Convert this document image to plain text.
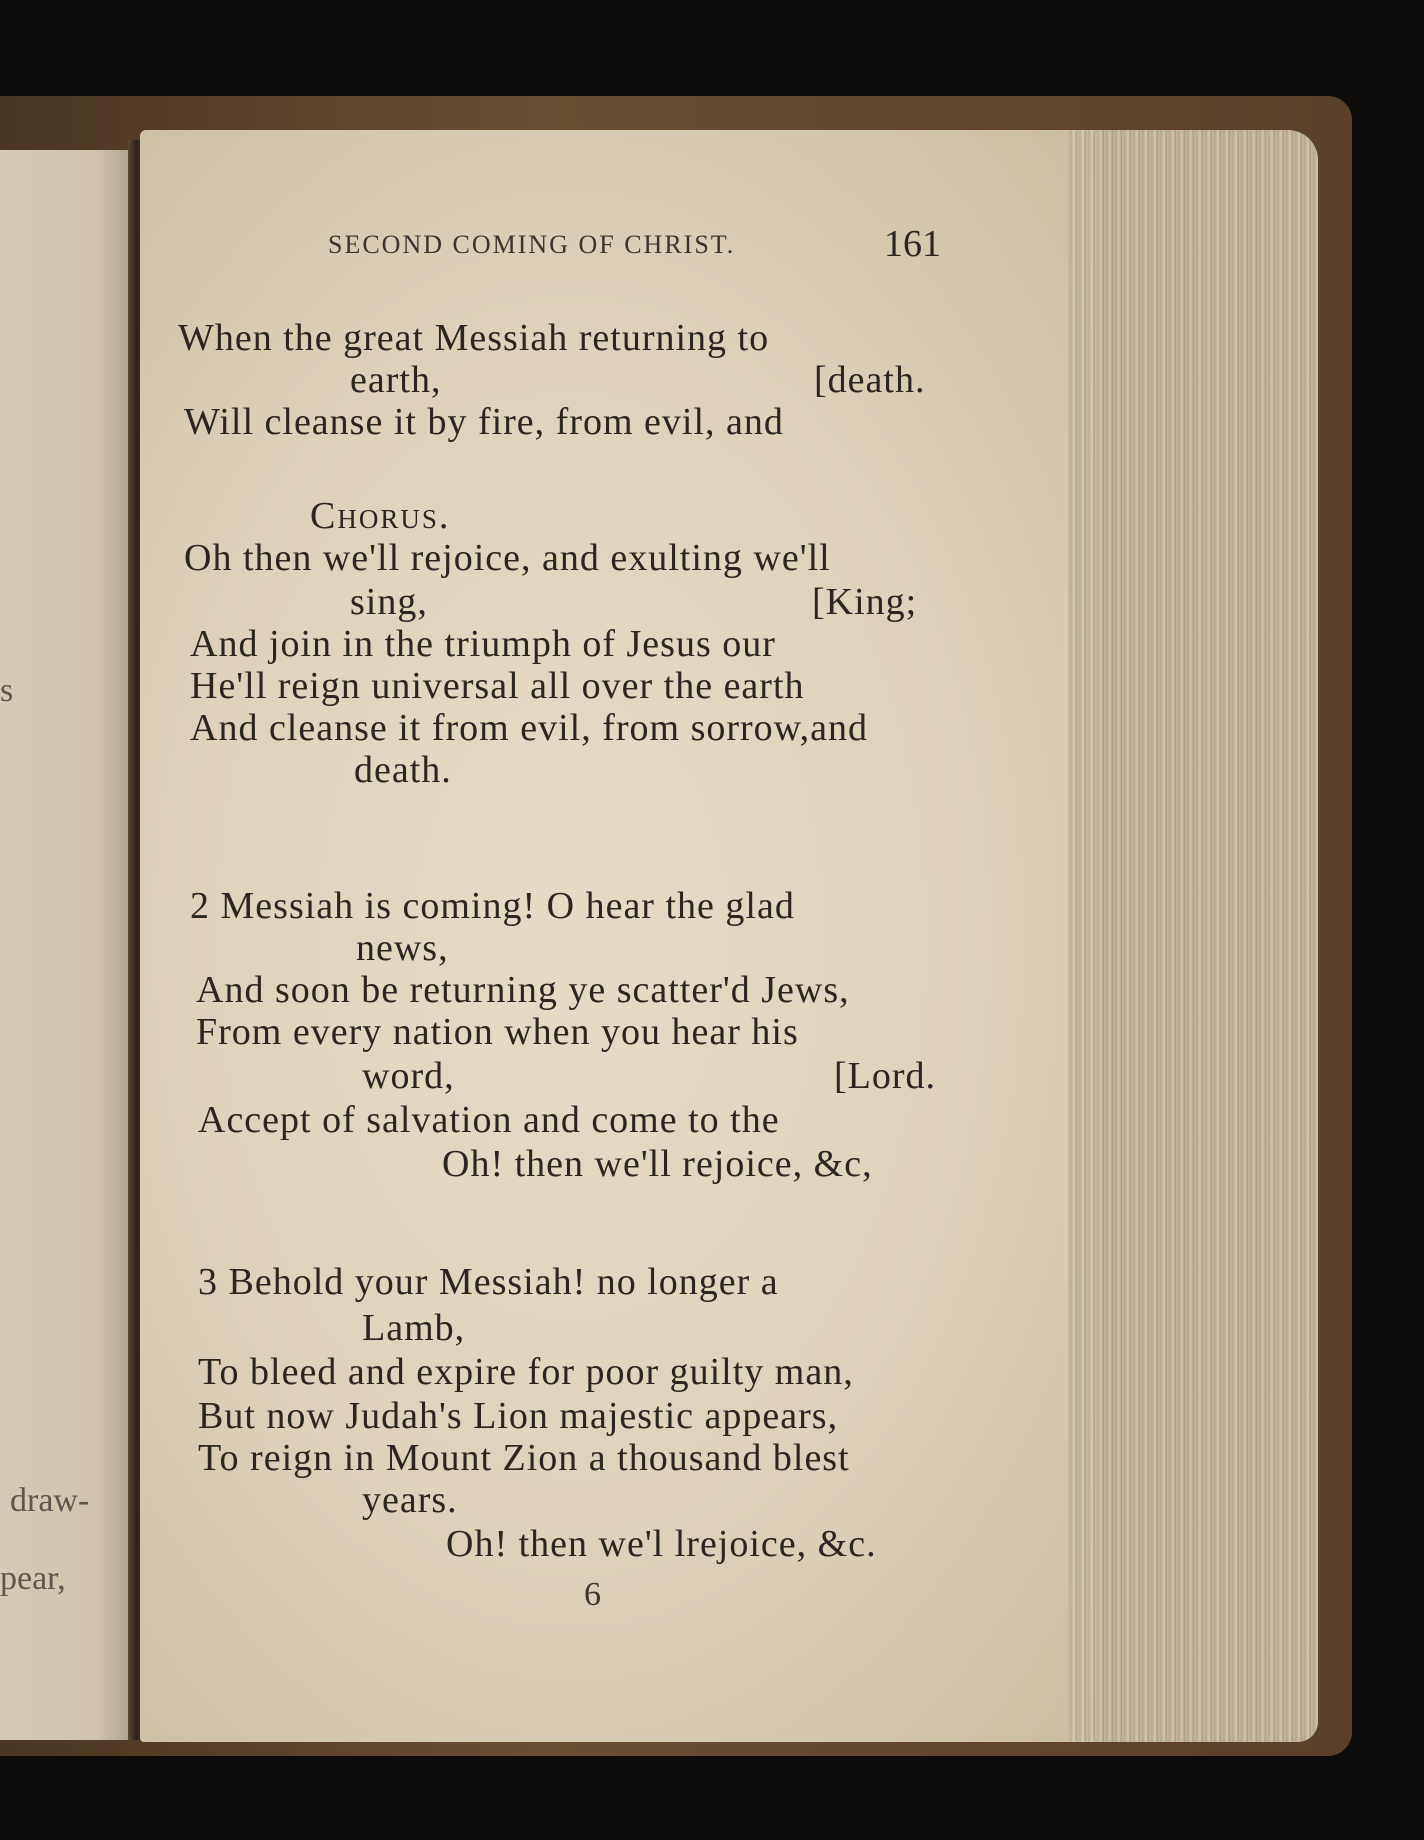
draw-
pear,
s
SECOND COMING OF CHRIST.	161
When the great Messiah returning to
earth,	[death.
Will cleanse it by fire, from evil, and
Chorus.
Oh then we'll rejoice, and exulting we'll
sing,	[King;
And join in the triumph of Jesus our
He'll reign universal all over the earth
And cleanse it from evil, from sorrow,and
death.
2 Messiah is coming! O hear the glad
news,
And soon be returning ye scatter'd Jews,
From every nation when you hear his
word,	[Lord.
Accept of salvation and come to the
Oh! then we'll rejoice, &c,
3 Behold your Messiah! no longer a
Lamb,
To bleed and expire for poor guilty man,
But now Judah's Lion majestic appears,
To reign in Mount Zion a thousand blest
years.
Oh! then we'l lrejoice, &c.
6
